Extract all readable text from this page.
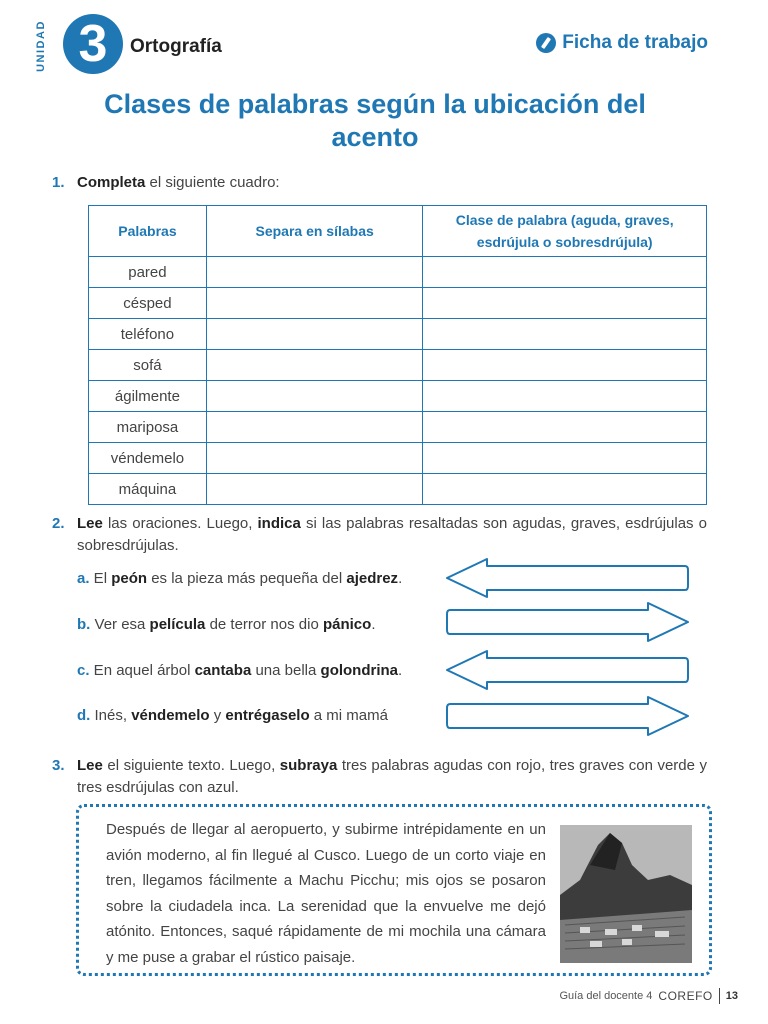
UNIDAD 3	Ortografía	Ficha de trabajo
Clases de palabras según la ubicación del acento
1. Completa el siguiente cuadro:
Palabras	Separa en sílabas	Clase de palabra (aguda, graves, esdrújula o sobresdrújula)
pared		
césped		
teléfono		
sofá		
ágilmente		
mariposa		
véndemelo		
máquina		
2. Lee las oraciones. Luego, indica si las palabras resaltadas son agudas, graves, esdrújulas o sobresdrújulas.
a. El peón es la pieza más pequeña del ajedrez.
b. Ver esa película de terror nos dio pánico.
c. En aquel árbol cantaba una bella golondrina.
d. Inés, véndemelo y entrégaselo a mi mamá
3. Lee el siguiente texto. Luego, subraya tres palabras agudas con rojo, tres graves con verde y tres esdrújulas con azul.
Después de llegar al aeropuerto, y subirme intrépidamente en un avión moderno, al fin llegué al Cusco. Luego de un corto viaje en tren, llegamos fácilmente a Machu Picchu; mis ojos se posaron sobre la ciudadela inca. La serenidad que la envuelve me dejó atónito. Entonces, saqué rápidamente de mi mochila una cámara y me puse a grabar el rústico paisaje.
Guía del docente 4 COREFO 13
